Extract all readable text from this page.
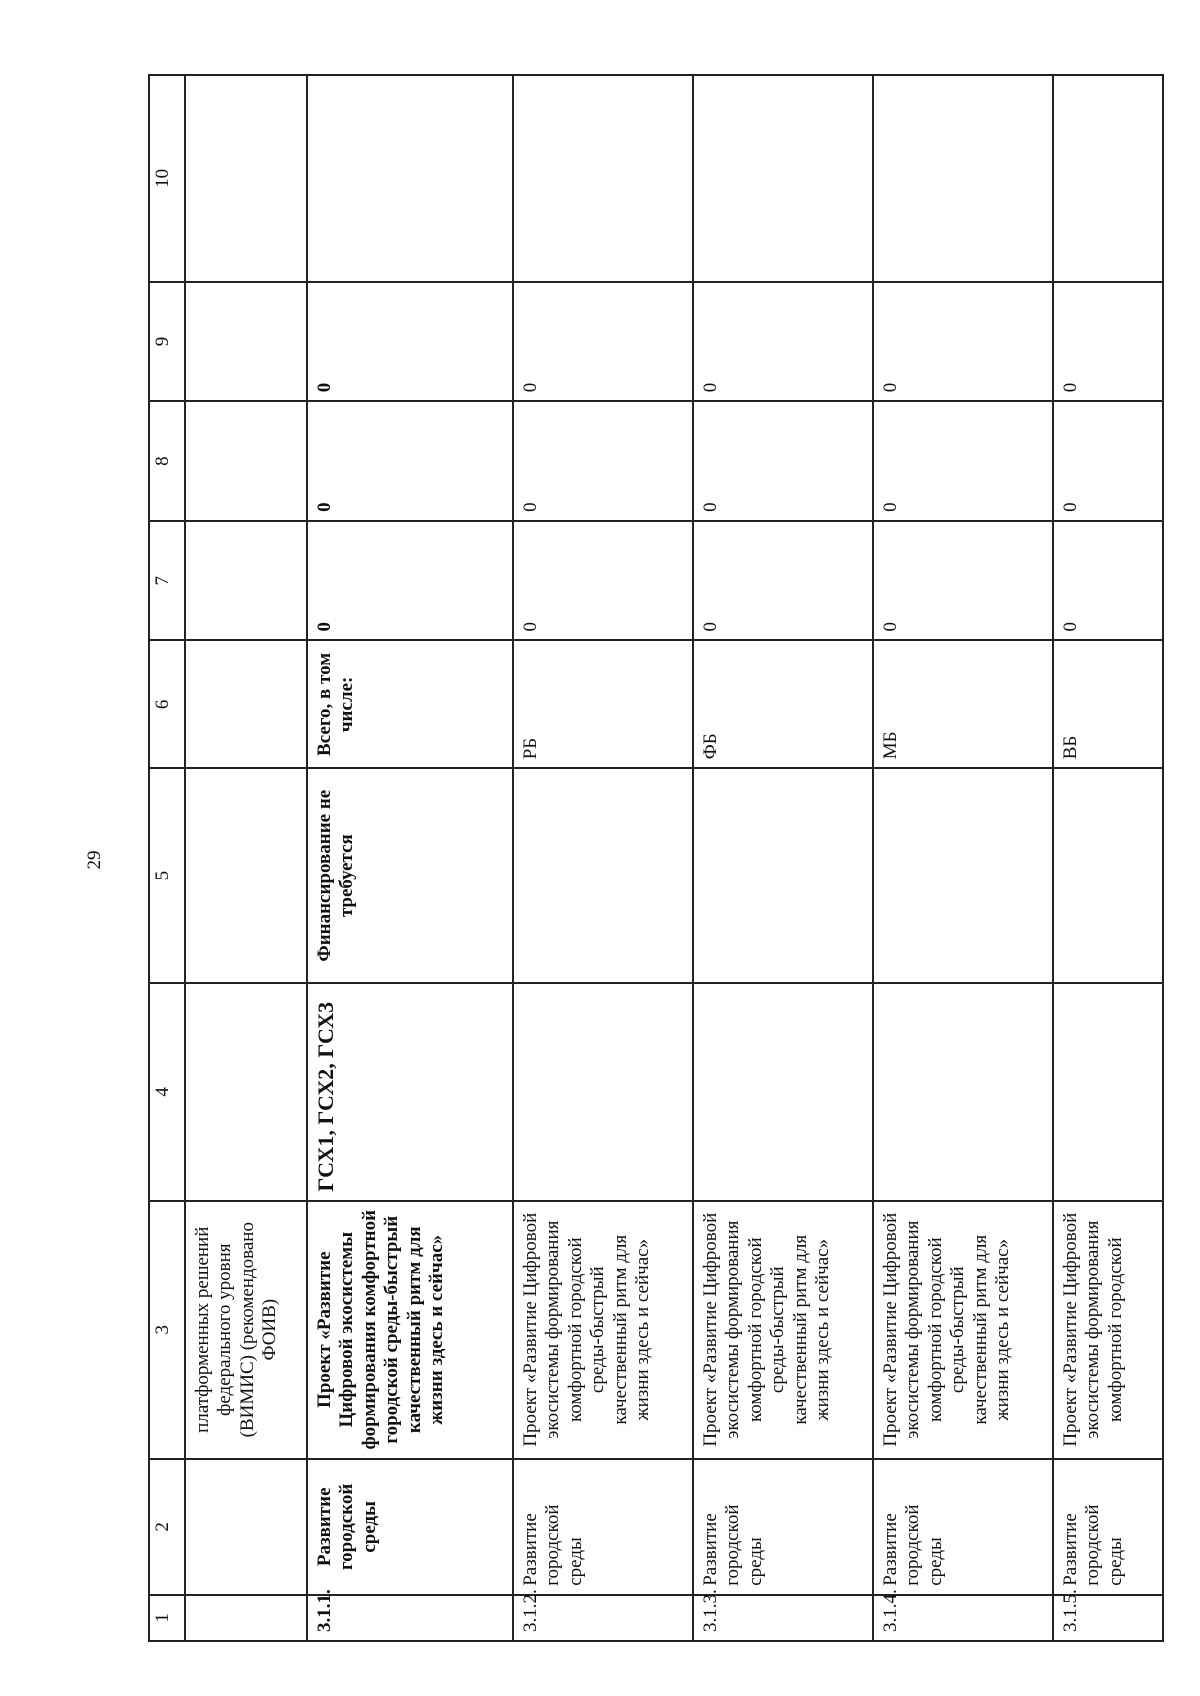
29
1	2	3	4	5	6	7	8	9	10
		платформенных решений федерального уровня (ВИМИС) (рекомендовано ФОИВ)							
3.1.1.	Развитие городской среды	Проект «Развитие Цифровой экосистемы формирования комфортной городской среды-быстрый качественный ритм для жизни здесь и сейчас»	ГСХ1, ГСХ2, ГСХ3	Финансирование не требуется	Всего, в том числе:	0	0	0	
3.1.2.	Развитие городской среды	Проект «Развитие Цифровой экосистемы формирования комфортной городской среды-быстрый качественный ритм для жизни здесь и сейчас»			РБ	0	0	0	
3.1.3.	Развитие городской среды	Проект «Развитие Цифровой экосистемы формирования комфортной городской среды-быстрый качественный ритм для жизни здесь и сейчас»			ФБ	0	0	0	
3.1.4.	Развитие городской среды	Проект «Развитие Цифровой экосистемы формирования комфортной городской среды-быстрый качественный ритм для жизни здесь и сейчас»			МБ	0	0	0	
3.1.5.	Развитие городской среды	Проект «Развитие Цифровой экосистемы формирования комфортной городской			ВБ	0	0	0	
